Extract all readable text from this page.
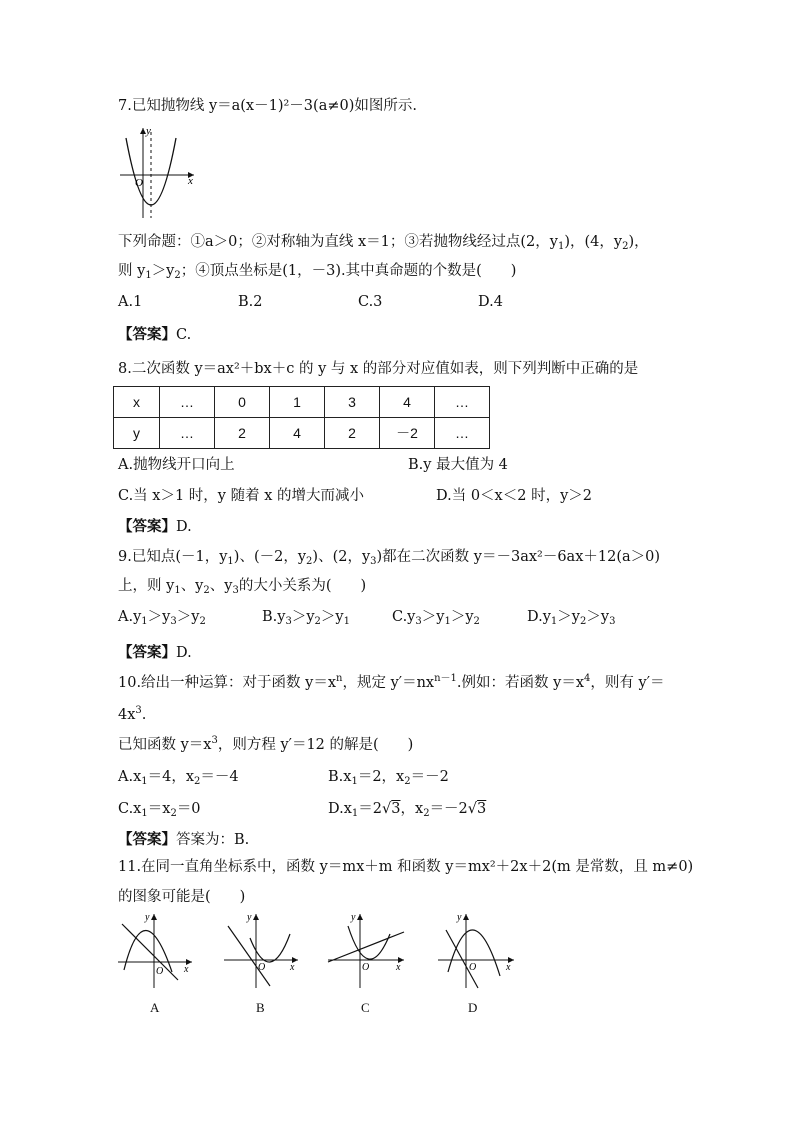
7.已知抛物线 y＝a(x－1)²－3(a≠0)如图所示.
y
O	x
下列命题：①a＞0；②对称轴为直线 x＝1；③若抛物线经过点(2，$y_1$)，(4，$y_2$)，
则 $y_1>y_2$；④顶点坐标是(1，－3).其中真命题的个数是(　　)
A.1	B.2	C.3	D.4
【答案】C.
8.二次函数 y＝ax²＋bx＋c 的 y 与 x 的部分对应值如表，则下列判断中正确的是
x	…	0	1	3	4	…
y	…	2	4	2	－2	…
A.抛物线开口向上	B.y 最大值为 4
C.当 x＞1 时，y 随着 x 的增大而减小	D.当 0＜x＜2 时，y＞2
【答案】D.
9.已知点(－1，$y_1$)、(－2，$y_2$)、(2，$y_3$)都在二次函数 y＝－3ax²－6ax＋12(a＞0)
上，则 $y_1$、$y_2$、$y_3$的大小关系为(　　)
$A.y_1>y_3>y_2$	$B.y_3>y_2>y_1$	$C.y_3>y_1>y_2$	$D.y_1>y_2>y_3$
【答案】D.
10.给出一种运算：对于函数 $y=x^n$，规定 $y'=nx^{n-1}$.例如：若函数 $y=x^4$，则有 y′＝
$4x^3$.
已知函数 $y=x^3$，则方程 y′＝12 的解是(　　)
$A.x_1=4$，$x_2=-4$	$B.x_1=2$，$x_2=-2$
$C.x_1=x_2=0$	$D.x_1=2√3$，$x_2=-2√3$
【答案】答案为：B.
11.在同一直角坐标系中，函数 y＝mx＋m 和函数 y＝mx²＋2x＋2(m 是常数，且 m≠0)
的图象可能是(　　)
y
O x
A
y
O x
B
y
O	x
C
y
O	x
D
